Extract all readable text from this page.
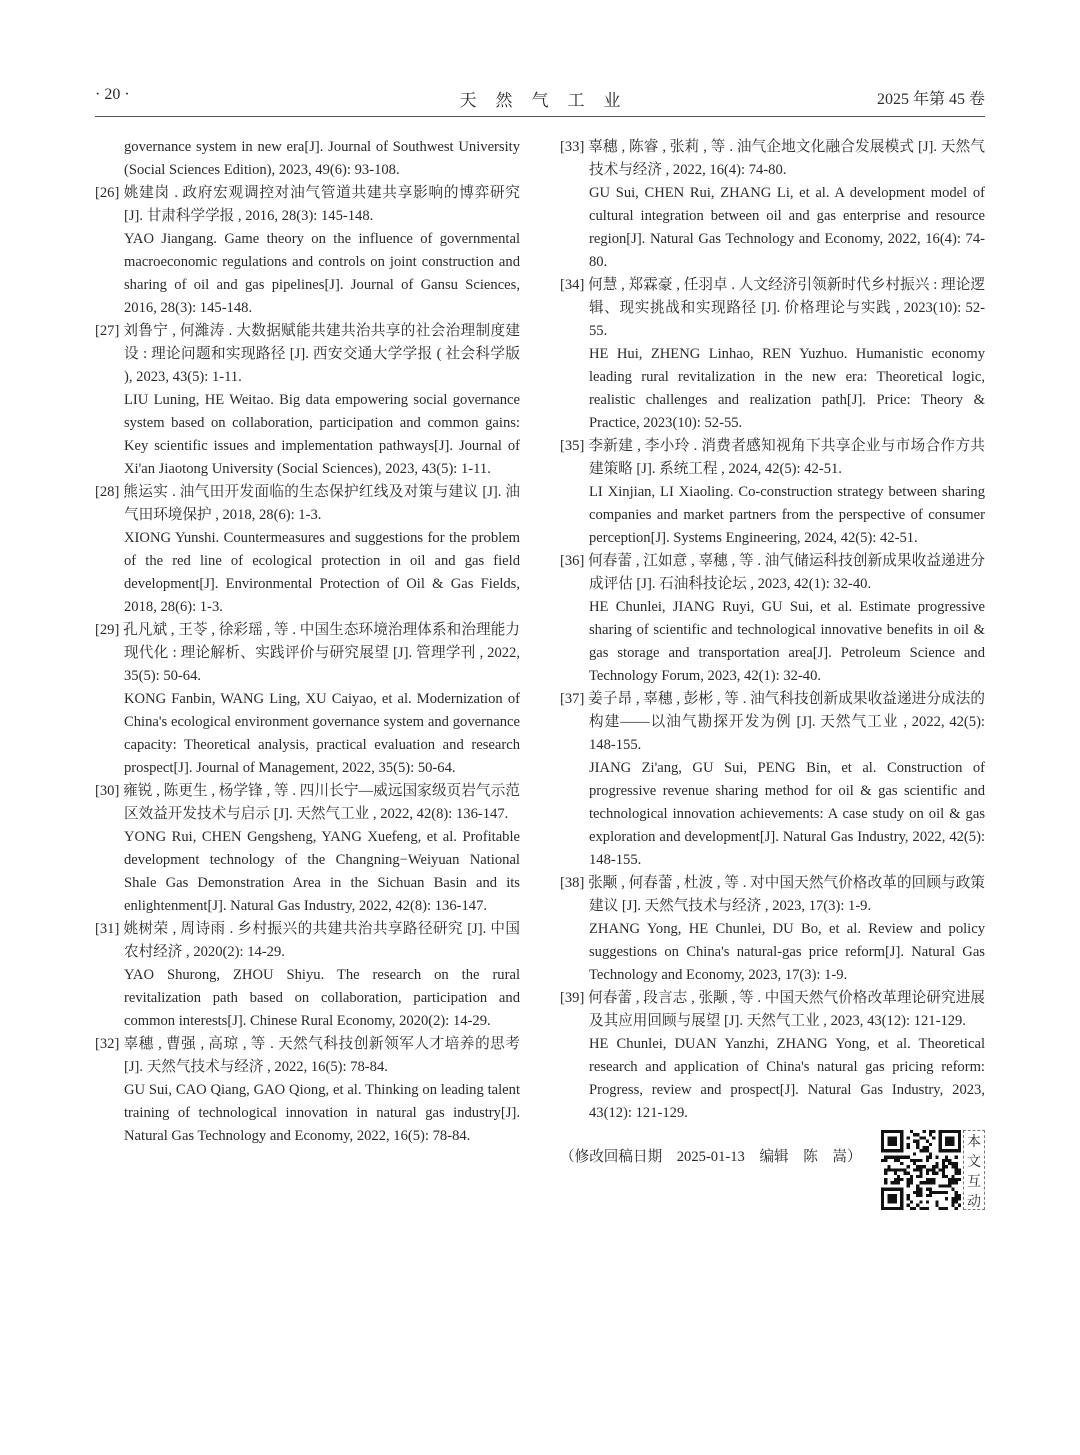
· 20 ·	天然气工业	2025 年第 45 卷
governance system in new era[J]. Journal of Southwest University (Social Sciences Edition), 2023, 49(6): 93-108.
[26] 姚建岗 . 政府宏观调控对油气管道共建共享影响的博弈研究 [J]. 甘肃科学学报 , 2016, 28(3): 145-148.
YAO Jiangang. Game theory on the influence of governmental macroeconomic regulations and controls on joint construction and sharing of oil and gas pipelines[J]. Journal of Gansu Sciences, 2016, 28(3): 145-148.
[27] 刘鲁宁 , 何濰涛 . 大数据赋能共建共治共享的社会治理制度建设 : 理论问题和实现路径 [J]. 西安交通大学学报 ( 社会科学版 ), 2023, 43(5): 1-11.
LIU Luning, HE Weitao. Big data empowering social governance system based on collaboration, participation and common gains: Key scientific issues and implementation pathways[J]. Journal of Xi'an Jiaotong University (Social Sciences), 2023, 43(5): 1-11.
[28] 熊运实 . 油气田开发面临的生态保护红线及对策与建议 [J]. 油气田环境保护 , 2018, 28(6): 1-3.
XIONG Yunshi. Countermeasures and suggestions for the problem of the red line of ecological protection in oil and gas field development[J]. Environmental Protection of Oil & Gas Fields, 2018, 28(6): 1-3.
[29] 孔凡斌 , 王苓 , 徐彩瑶 , 等 . 中国生态环境治理体系和治理能力现代化 : 理论解析、实践评价与研究展望 [J]. 管理学刊 , 2022, 35(5): 50-64.
KONG Fanbin, WANG Ling, XU Caiyao, et al. Modernization of China's ecological environment governance system and governance capacity: Theoretical analysis, practical evaluation and research prospect[J]. Journal of Management, 2022, 35(5): 50-64.
[30] 雍锐 , 陈更生 , 杨学锋 , 等 . 四川长宁—威远国家级页岩气示范区效益开发技术与启示 [J]. 天然气工业 , 2022, 42(8): 136-147.
YONG Rui, CHEN Gengsheng, YANG Xuefeng, et al. Profitable development technology of the Changning−Weiyuan National Shale Gas Demonstration Area in the Sichuan Basin and its enlightenment[J]. Natural Gas Industry, 2022, 42(8): 136-147.
[31] 姚树荣 , 周诗雨 . 乡村振兴的共建共治共享路径研究 [J]. 中国农村经济 , 2020(2): 14-29.
YAO Shurong, ZHOU Shiyu. The research on the rural revitalization path based on collaboration, participation and common interests[J]. Chinese Rural Economy, 2020(2): 14-29.
[32] 辜穗 , 曹强 , 高琼 , 等 . 天然气科技创新领军人才培养的思考 [J]. 天然气技术与经济 , 2022, 16(5): 78-84.
GU Sui, CAO Qiang, GAO Qiong, et al. Thinking on leading talent training of technological innovation in natural gas industry[J]. Natural Gas Technology and Economy, 2022, 16(5): 78-84.
[33] 辜穗 , 陈睿 , 张莉 , 等 . 油气企地文化融合发展模式 [J]. 天然气技术与经济 , 2022, 16(4): 74-80.
GU Sui, CHEN Rui, ZHANG Li, et al. A development model of cultural integration between oil and gas enterprise and resource region[J]. Natural Gas Technology and Economy, 2022, 16(4): 74-80.
[34] 何慧 , 郑霖豪 , 任羽卓 . 人文经济引领新时代乡村振兴 : 理论逻辑、现实挑战和实现路径 [J]. 价格理论与实践 , 2023(10): 52-55.
HE Hui, ZHENG Linhao, REN Yuzhuo. Humanistic economy leading rural revitalization in the new era: Theoretical logic, realistic challenges and realization path[J]. Price: Theory & Practice, 2023(10): 52-55.
[35] 李新建 , 李小玲 . 消费者感知视角下共享企业与市场合作方共建策略 [J]. 系统工程 , 2024, 42(5): 42-51.
LI Xinjian, LI Xiaoling. Co-construction strategy between sharing companies and market partners from the perspective of consumer perception[J]. Systems Engineering, 2024, 42(5): 42-51.
[36] 何春蕾 , 江如意 , 辜穗 , 等 . 油气储运科技创新成果收益递进分成评估 [J]. 石油科技论坛 , 2023, 42(1): 32-40.
HE Chunlei, JIANG Ruyi, GU Sui, et al. Estimate progressive sharing of scientific and technological innovative benefits in oil & gas storage and transportation area[J]. Petroleum Science and Technology Forum, 2023, 42(1): 32-40.
[37] 姜子昂 , 辜穗 , 彭彬 , 等 . 油气科技创新成果收益递进分成法的构建——以油气勘探开发为例 [J]. 天然气工业 , 2022, 42(5): 148-155.
JIANG Zi'ang, GU Sui, PENG Bin, et al. Construction of progressive revenue sharing method for oil & gas scientific and technological innovation achievements: A case study on oil & gas exploration and development[J]. Natural Gas Industry, 2022, 42(5): 148-155.
[38] 张颙 , 何春蕾 , 杜波 , 等 . 对中国天然气价格改革的回顾与政策建议 [J]. 天然气技术与经济 , 2023, 17(3): 1-9.
ZHANG Yong, HE Chunlei, DU Bo, et al. Review and policy suggestions on China's natural-gas price reform[J]. Natural Gas Technology and Economy, 2023, 17(3): 1-9.
[39] 何春蕾 , 段言志 , 张颙 , 等 . 中国天然气价格改革理论研究进展及其应用回顾与展望 [J]. 天然气工业 , 2023, 43(12): 121-129.
HE Chunlei, DUAN Yanzhi, ZHANG Yong, et al. Theoretical research and application of China's natural gas pricing reform: Progress, review and prospect[J]. Natural Gas Industry, 2023, 43(12): 121-129.
（修改回稿日期　2025-01-13　编辑　陈　嵩）
本
文
互
动
